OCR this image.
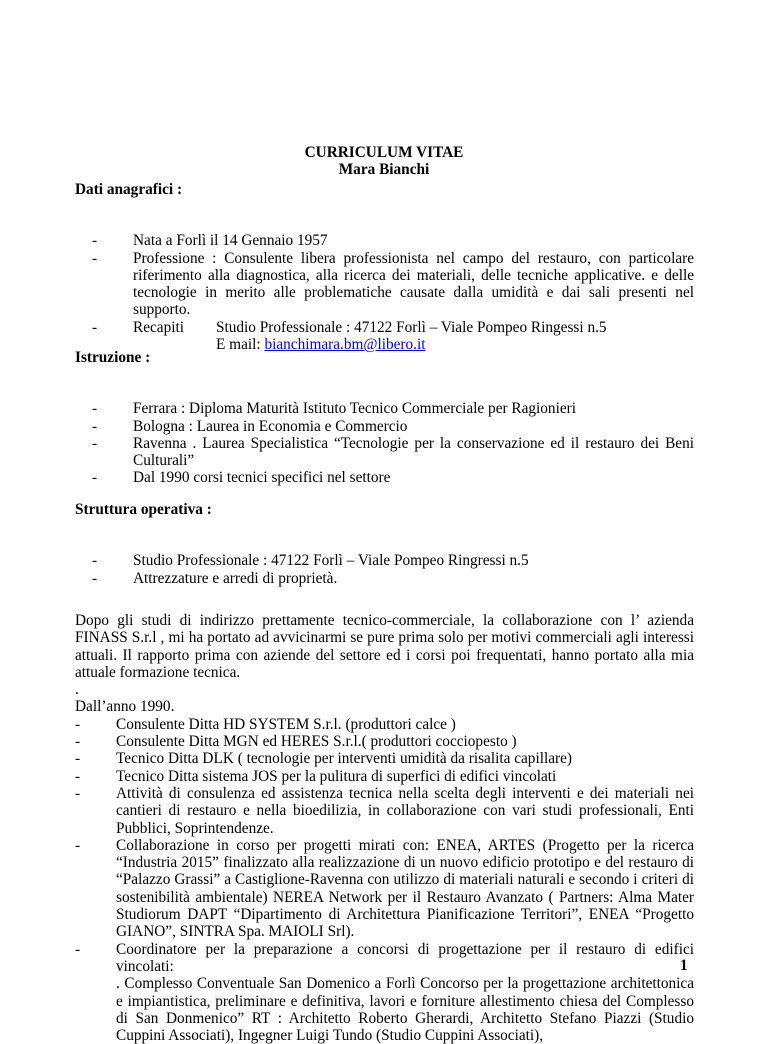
CURRICULUM VITAE
Mara Bianchi
Dati anagrafici :
- Nata a Forlì il 14 Gennaio 1957
- Professione : Consulente libera professionista nel campo del restauro, con particolare riferimento alla diagnostica, alla ricerca dei materiali, delle tecniche applicative. e delle tecnologie in merito alle problematiche causate dalla umidità e dai sali presenti nel supporto.
- Recapiti Studio Professionale : 47122 Forlì – Viale Pompeo Ringessi n.5
E mail: bianchimara.bm@libero.it
Istruzione :
- Ferrara : Diploma Maturità Istituto Tecnico Commerciale per Ragionieri
- Bologna : Laurea in Economia e Commercio
- Ravenna . Laurea Specialistica “Tecnologie per la conservazione ed il restauro dei Beni Culturali”
- Dal 1990 corsi tecnici specifici nel settore
Struttura operativa :
- Studio Professionale : 47122 Forlì – Viale Pompeo Ringressi n.5
- Attrezzature e arredi di proprietà.
Dopo gli studi di indirizzo prettamente tecnico-commerciale, la collaborazione con l’ azienda FINASS S.r.l , mi ha portato ad avvicinarmi se pure prima solo per motivi commerciali agli interessi attuali. Il rapporto prima con aziende del settore ed i corsi poi frequentati, hanno portato alla mia attuale formazione tecnica.
.
Dall’anno 1990.
- Consulente Ditta HD SYSTEM S.r.l. (produttori calce )
- Consulente Ditta MGN ed HERES S.r.l.( produttori cocciopesto )
- Tecnico Ditta DLK ( tecnologie per interventi umidità da risalita capillare)
- Tecnico Ditta sistema JOS per la pulitura di superfici di edifici vincolati
- Attività di consulenza ed assistenza tecnica nella scelta degli interventi e dei materiali nei cantieri di restauro e nella bioedilizia, in collaborazione con vari studi professionali, Enti Pubblici, Soprintendenze.
- Collaborazione in corso per progetti mirati con: ENEA, ARTES (Progetto per la ricerca “Industria 2015” finalizzato alla realizzazione di un nuovo edificio prototipo e del restauro di “Palazzo Grassi” a Castiglione-Ravenna con utilizzo di materiali naturali e secondo i criteri di sostenibilità ambientale) NEREA Network per il Restauro Avanzato ( Partners: Alma Mater Studiorum DAPT “Dipartimento di Architettura Pianificazione Territori”, ENEA “Progetto GIANO”, SINTRA Spa. MAIOLI Srl).
- Coordinatore per la preparazione a concorsi di progettazione per il restauro di edifici vincolati:
. Complesso Conventuale San Domenico a Forlì Concorso per la progettazione architettonica e impiantistica, preliminare e definitiva, lavori e forniture allestimento chiesa del Complesso di San Donmenico” RT : Architetto Roberto Gherardi, Architetto Stefano Piazzi (Studio Cuppini Associati), Ingegner Luigi Tundo (Studio Cuppini Associati),
1
